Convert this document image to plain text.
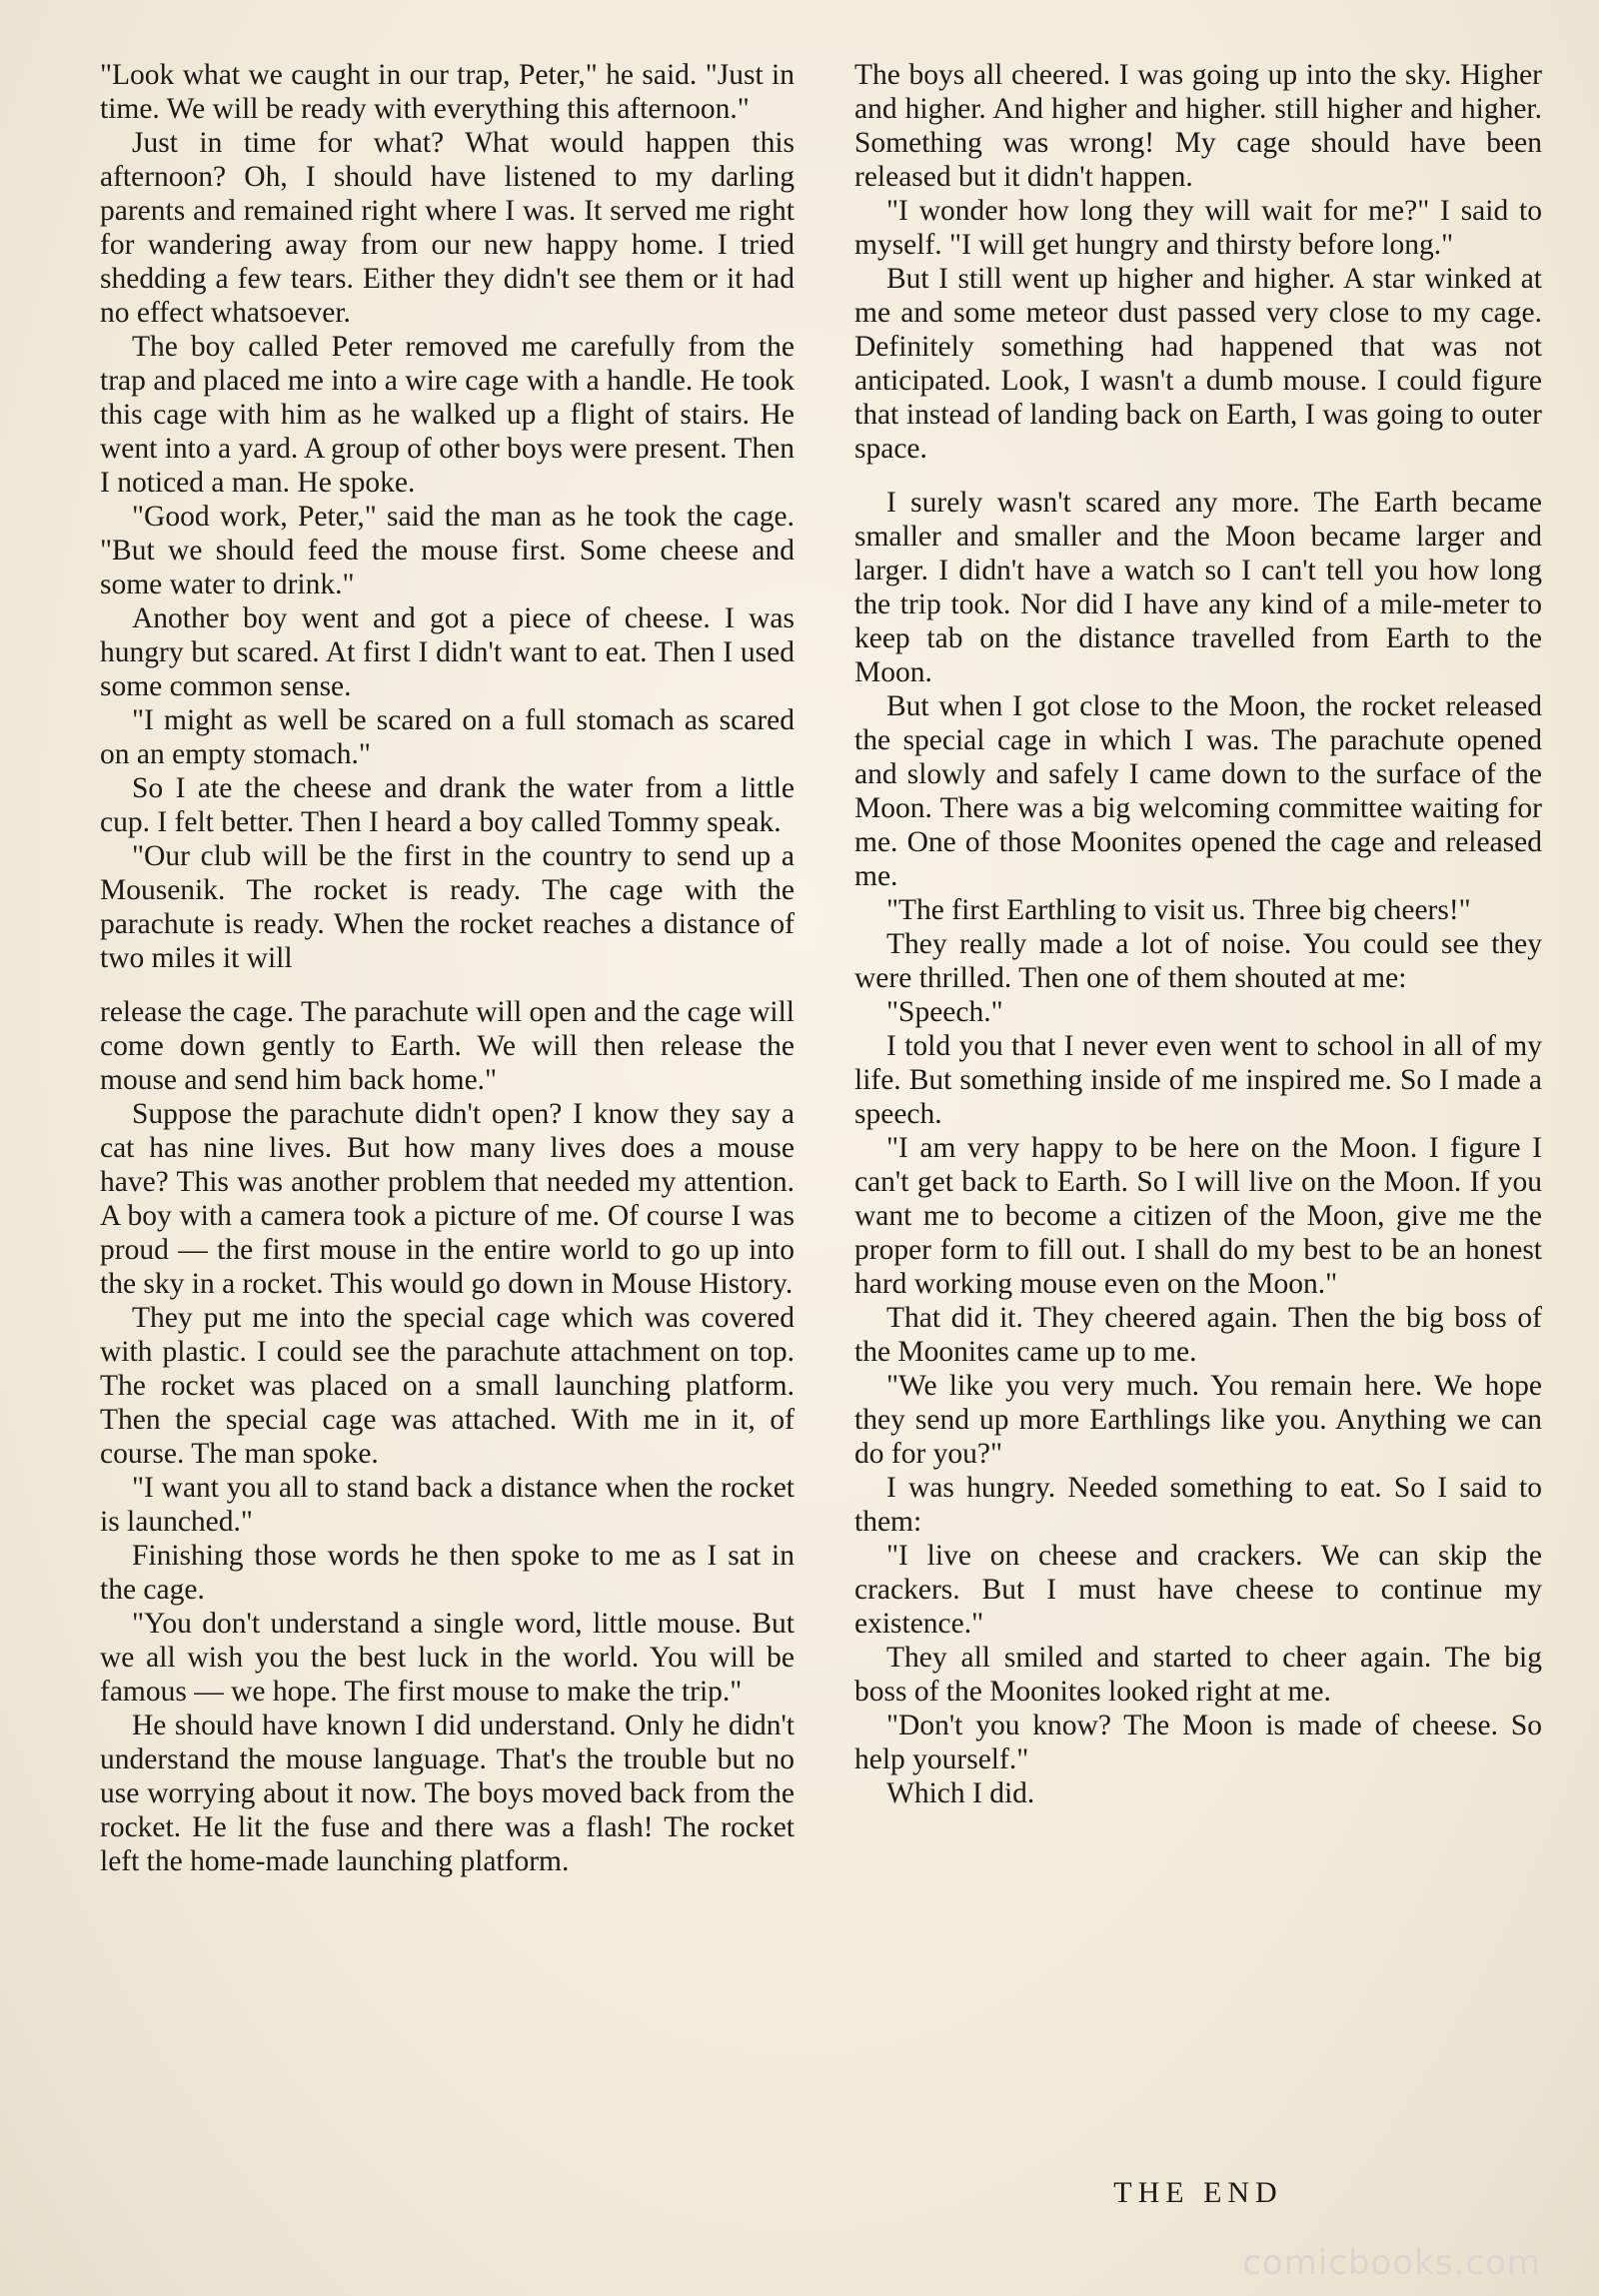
"Look what we caught in our trap, Peter," he said. "Just in time. We will be ready with everything this afternoon."

Just in time for what? What would happen this afternoon? Oh, I should have listened to my darling parents and remained right where I was. It served me right for wandering away from our new happy home. I tried shedding a few tears. Either they didn't see them or it had no effect whatsoever.

The boy called Peter removed me carefully from the trap and placed me into a wire cage with a handle. He took this cage with him as he walked up a flight of stairs. He went into a yard. A group of other boys were present. Then I noticed a man. He spoke.

"Good work, Peter," said the man as he took the cage. "But we should feed the mouse first. Some cheese and some water to drink."

Another boy went and got a piece of cheese. I was hungry but scared. At first I didn't want to eat. Then I used some common sense.

"I might as well be scared on a full stomach as scared on an empty stomach."

So I ate the cheese and drank the water from a little cup. I felt better. Then I heard a boy called Tommy speak.

"Our club will be the first in the country to send up a Mousenik. The rocket is ready. The cage with the parachute is ready. When the rocket reaches a distance of two miles it will

release the cage. The parachute will open and the cage will come down gently to Earth. We will then release the mouse and send him back home."

Suppose the parachute didn't open? I know they say a cat has nine lives. But how many lives does a mouse have? This was another problem that needed my attention. A boy with a camera took a picture of me. Of course I was proud — the first mouse in the entire world to go up into the sky in a rocket. This would go down in Mouse History.

They put me into the special cage which was covered with plastic. I could see the parachute attachment on top. The rocket was placed on a small launching platform. Then the special cage was attached. With me in it, of course. The man spoke.

"I want you all to stand back a distance when the rocket is launched."

Finishing those words he then spoke to me as I sat in the cage.

"You don't understand a single word, little mouse. But we all wish you the best luck in the world. You will be famous — we hope. The first mouse to make the trip."

He should have known I did understand. Only he didn't understand the mouse language. That's the trouble but no use worrying about it now. The boys moved back from the rocket. He lit the fuse and there was a flash! The rocket left the home-made launching platform.

The boys all cheered. I was going up into the sky. Higher and higher. And higher and higher. still higher and higher. Something was wrong! My cage should have been released but it didn't happen.

"I wonder how long they will wait for me?" I said to myself. "I will get hungry and thirsty before long."

But I still went up higher and higher. A star winked at me and some meteor dust passed very close to my cage. Definitely something had happened that was not anticipated. Look, I wasn't a dumb mouse. I could figure that instead of landing back on Earth, I was going to outer space.

I surely wasn't scared any more. The Earth became smaller and smaller and the Moon became larger and larger. I didn't have a watch so I can't tell you how long the trip took. Nor did I have any kind of a mile-meter to keep tab on the distance travelled from Earth to the Moon.

But when I got close to the Moon, the rocket released the special cage in which I was. The parachute opened and slowly and safely I came down to the surface of the Moon. There was a big welcoming committee waiting for me. One of those Moonites opened the cage and released me.

"The first Earthling to visit us. Three big cheers!"

They really made a lot of noise. You could see they were thrilled. Then one of them shouted at me:

"Speech."

I told you that I never even went to school in all of my life. But something inside of me inspired me. So I made a speech.

"I am very happy to be here on the Moon. I figure I can't get back to Earth. So I will live on the Moon. If you want me to become a citizen of the Moon, give me the proper form to fill out. I shall do my best to be an honest hard working mouse even on the Moon."

That did it. They cheered again. Then the big boss of the Moonites came up to me.

"We like you very much. You remain here. We hope they send up more Earthlings like you. Anything we can do for you?"

I was hungry. Needed something to eat. So I said to them:

"I live on cheese and crackers. We can skip the crackers. But I must have cheese to continue my existence."

They all smiled and started to cheer again. The big boss of the Moonites looked right at me.

"Don't you know? The Moon is made of cheese. So help yourself."

Which I did.

THE END
comicbooks.com
